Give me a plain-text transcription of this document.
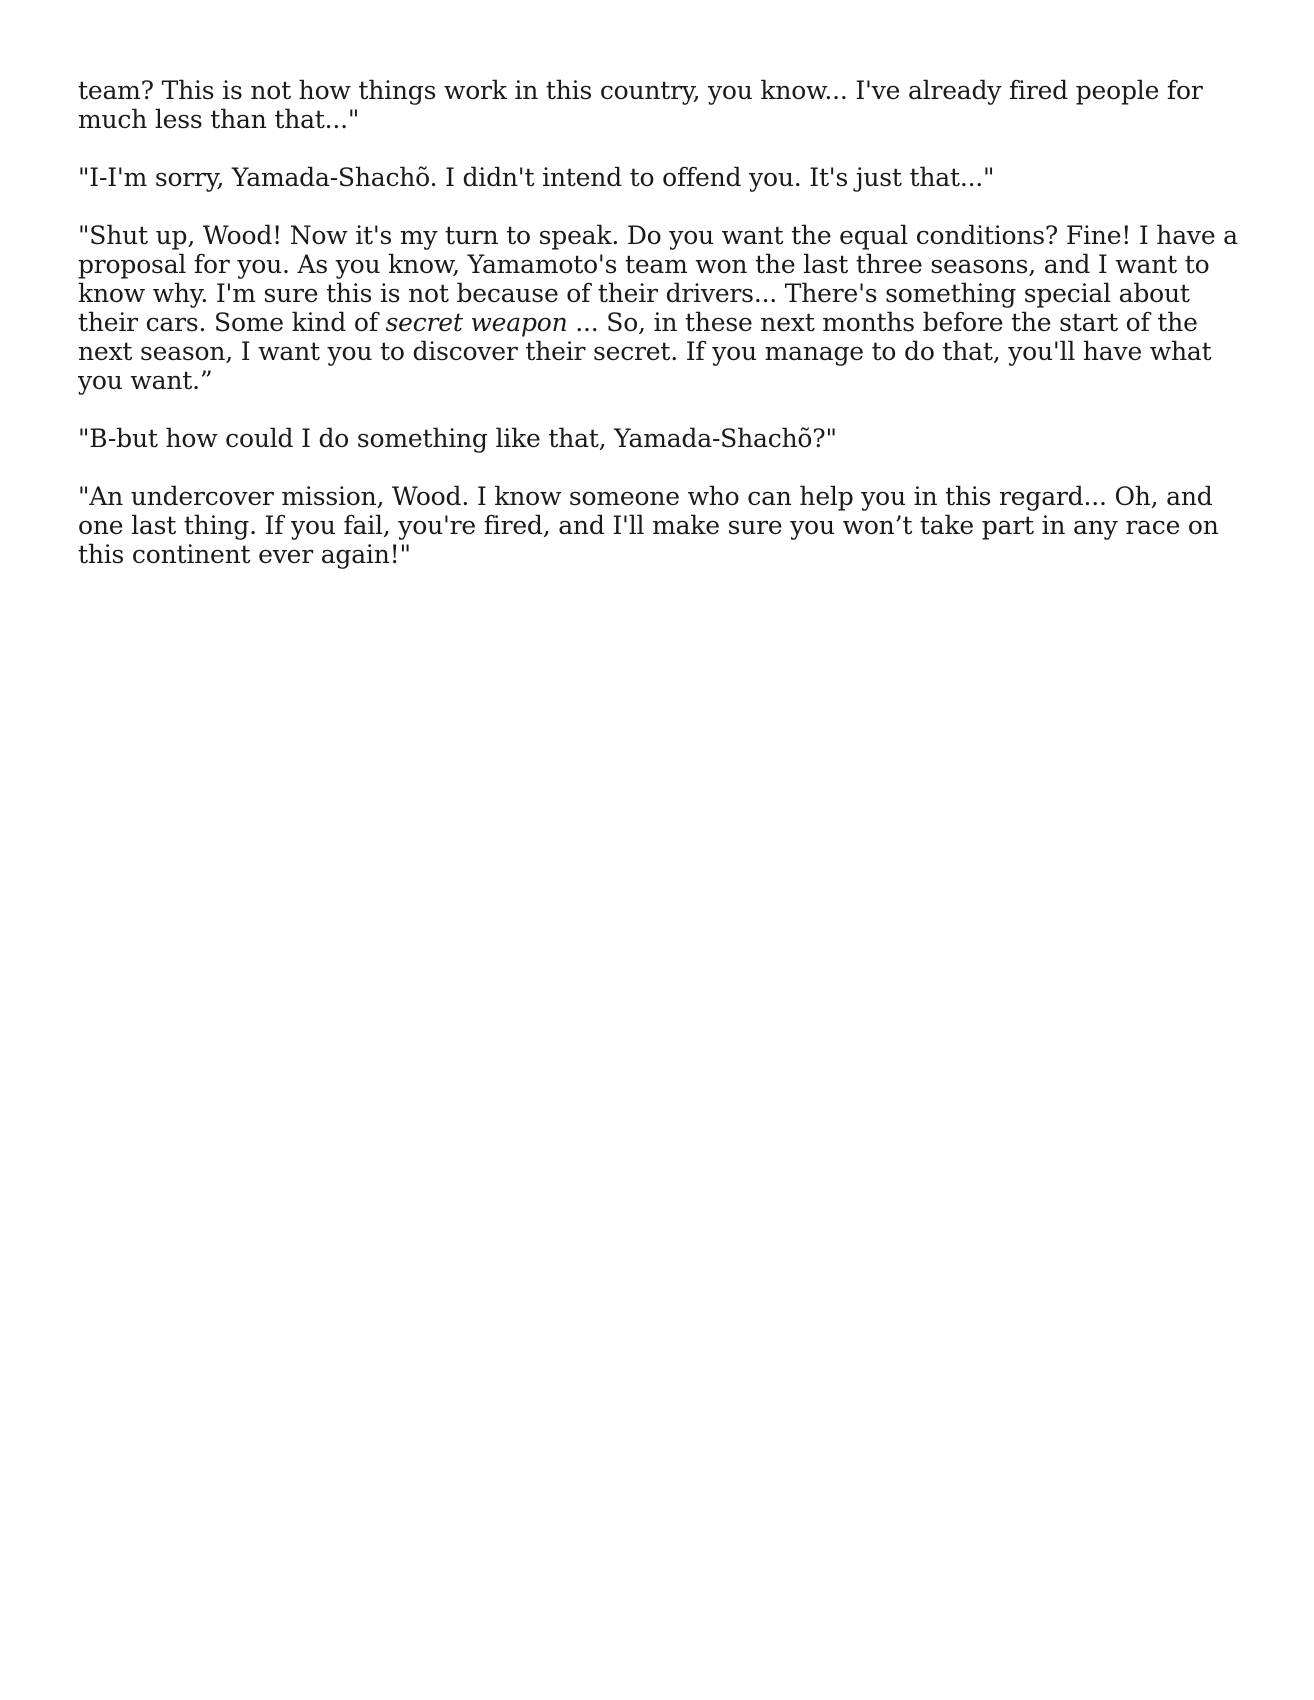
team? This is not how things work in this country, you know... I've already fired people for much less than that..."

"I-I'm sorry, Yamada-Shachõ. I didn't intend to offend you. It's just that..."

"Shut up, Wood! Now it's my turn to speak. Do you want the equal conditions? Fine! I have a proposal for you. As you know, Yamamoto's team won the last three seasons, and I want to know why. I'm sure this is not because of their drivers... There's something special about their cars. Some kind of secret weapon ... So, in these next months before the start of the next season, I want you to discover their secret. If you manage to do that, you'll have what you want.”

"B-but how could I do something like that, Yamada-Shachõ?"

"An undercover mission, Wood. I know someone who can help you in this regard... Oh, and one last thing. If you fail, you're fired, and I'll make sure you won’t take part in any race on this continent ever again!"
